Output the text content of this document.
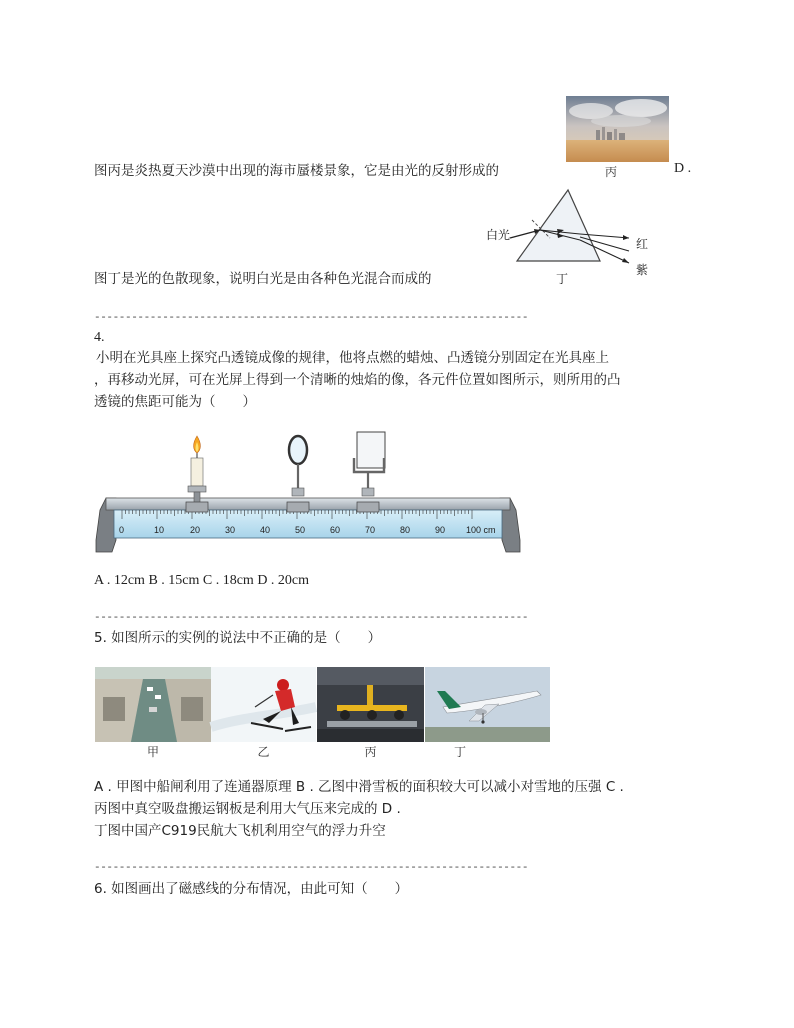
图丙是炎热夏天沙漠中出现的海市蜃楼景象，它是由光的反射形成的	丙	D .
图丁是光的色散现象，说明白光是由各种色光混合而成的
白光
红
紫
丁
----------------------------------------------------------------------
4.
小明在光具座上探究凸透镜成像的规律，他将点燃的蜡烛、凸透镜分别固定在光具座上
，再移动光屏，可在光屏上得到一个清晰的烛焰的像，各元件位置如图所示，则所用的凸
透镜的焦距可能为（　　）
0	10	20	30	40	50	60	70	80	90 100 cm
A . 12cm B . 15cm C . 18cm D . 20cm
----------------------------------------------------------------------
5. 如图所示的实例的说法中不正确的是（　　）
甲	乙	丙	丁
A . 甲图中船闸利用了连通器原理 B . 乙图中滑雪板的面积较大可以减小对雪地的压强 C .
丙图中真空吸盘搬运钢板是利用大气压来完成的 D .
丁图中国产C919民航大飞机利用空气的浮力升空
----------------------------------------------------------------------
6. 如图画出了磁感线的分布情况，由此可知（　　）
